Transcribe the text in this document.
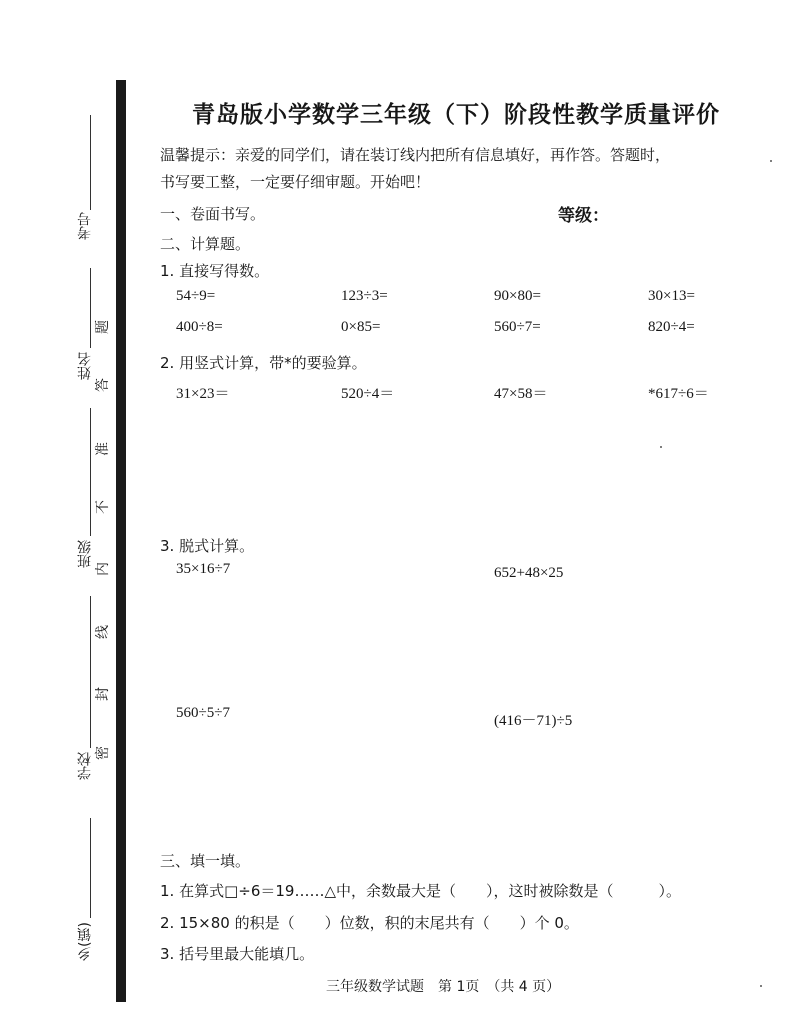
考号
姓名
班级
学校
乡(镇)
题
答
准
不
内
线
封
密
青岛版小学数学三年级（下）阶段性教学质量评价
温馨提示：亲爱的同学们，请在装订线内把所有信息填好，再作答。答题时，
书写要工整，一定要仔细审题。开始吧！
一、卷面书写。	等级：
二、计算题。
1. 直接写得数。
54÷9=	123÷3=	90×80=	30×13=
400÷8=	0×85=	560÷7=	820÷4=
2. 用竖式计算，带*的要验算。
31×23＝	520÷4＝	47×58＝	*617÷6＝
3. 脱式计算。
35×16÷7	652+48×25
560÷5÷7	(416－71)÷5
三、填一填。
1. 在算式□÷6＝19……△中，余数最大是（　　），这时被除数是（　　　）。
2. 15×80 的积是（　　）位数，积的末尾共有（　　）个 0。
3. 括号里最大能填几。
三年级数学试题　第 1页　（共 4 页）
